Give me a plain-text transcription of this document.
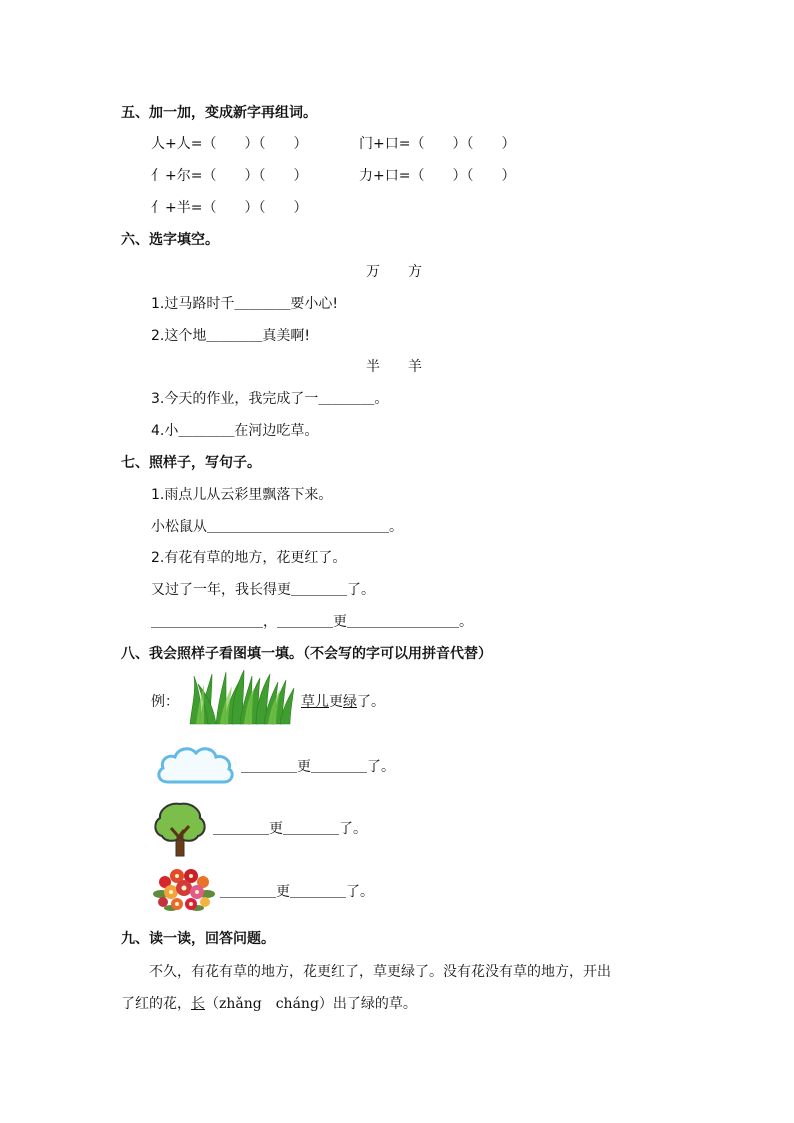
五、加一加，变成新字再组词。
人+人=（　　）（　　）	门+口=（　　）（　　）
亻+尔=（　　）（　　）	力+口=（　　）（　　）
亻+半=（　　）（　　）
六、选字填空。
万　　方
1.过马路时千＿＿＿＿要小心!
2.这个地＿＿＿＿真美啊!
半　　羊
3.今天的作业，我完成了一＿＿＿＿。
4.小＿＿＿＿在河边吃草。
七、照样子，写句子。
1.雨点儿从云彩里飘落下来。
小松鼠从＿＿＿＿＿＿＿＿＿＿＿＿＿。
2.有花有草的地方，花更红了。
又过了一年，我长得更＿＿＿＿了。
＿＿＿＿＿＿＿＿，＿＿＿＿更＿＿＿＿＿＿＿＿。
八、我会照样子看图填一填。（不会写的字可以用拼音代替）
例：	草儿更绿了。
＿＿＿＿更＿＿＿＿了。
＿＿＿＿更＿＿＿＿了。
＿＿＿＿更＿＿＿＿了。
九、读一读，回答问题。
　　不久，有花有草的地方，花更红了，草更绿了。没有花没有草的地方，开出
了红的花，长（zhǎng　cháng）出了绿的草。
